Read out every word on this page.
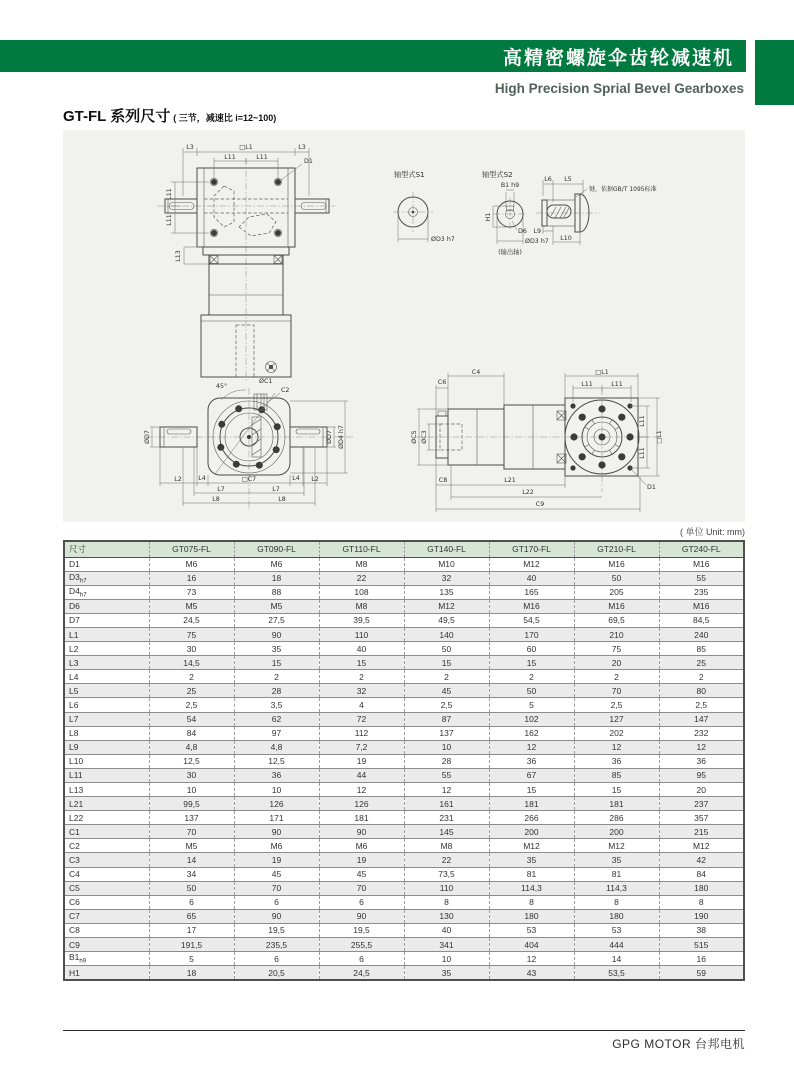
高精密螺旋伞齿轮减速机
High Precision Sprial Bevel Gearboxes
GT-FL 系列尺寸 ( 三节，减速比 i=12~100)
L3	□L1	L3
L11	L11
D1
L11
L11
L13
轴型式S1
ØD3 h7
轴型式S2
B1 h9
H1
D6
ØD3 h7
(输出轴)
L6 L5
键，依据GB/T 1095标准
L9
L10
ØC1
45°
C2
ØD7	ØD7 ØD4 h7
L2	L4	□C7	L4 L2
L7	L7
L8	L8
C4	□L1
L11	L11
C6
ØC5 ØC3
L11
L11
□L1
C8	L21
L22
C9
D1
( 单位 Unit: mm)
尺寸	GT075-FL	GT090-FL	GT110-FL	GT140-FL	GT170-FL	GT210-FL	GT240-FL
D1	M6	M6	M8	M10	M12	M16	M16
$D3_{h7}$	16	18	22	32	40	50	55
$D4_{h7}$	73	88	108	135	165	205	235
D6	M5	M5	M8	M12	M16	M16	M16
D7	24,5	27,5	39,5	49,5	54,5	69,5	84,5
L1	75	90	110	140	170	210	240
L2	30	35	40	50	60	75	85
L3	14,5	15	15	15	15	20	25
L4	2	2	2	2	2	2	2
L5	25	28	32	45	50	70	80
L6	2,5	3,5	4	2,5	5	2,5	2,5
L7	54	62	72	87	102	127	147
L8	84	97	112	137	162	202	232
L9	4,8	4,8	7,2	10	12	12	12
L10	12,5	12,5	19	28	36	36	36
L11	30	36	44	55	67	85	95
L13	10	10	12	12	15	15	20
L21	99,5	126	126	161	181	181	237
L22	137	171	181	231	266	286	357
C1	70	90	90	145	200	200	215
C2	M5	M6	M6	M8	M12	M12	M12
C3	14	19	19	22	35	35	42
C4	34	45	45	73,5	81	81	84
C5	50	70	70	110	114,3	114,3	180
C6	6	6	6	8	8	8	8
C7	65	90	90	130	180	180	190
C8	17	19,5	19,5	40	53	53	38
C9	191,5	235,5	255,5	341	404	444	515
$B1_{h9}$	5	6	6	10	12	14	16
H1	18	20,5	24,5	35	43	53,5	59
GPG MOTOR 台邦电机
